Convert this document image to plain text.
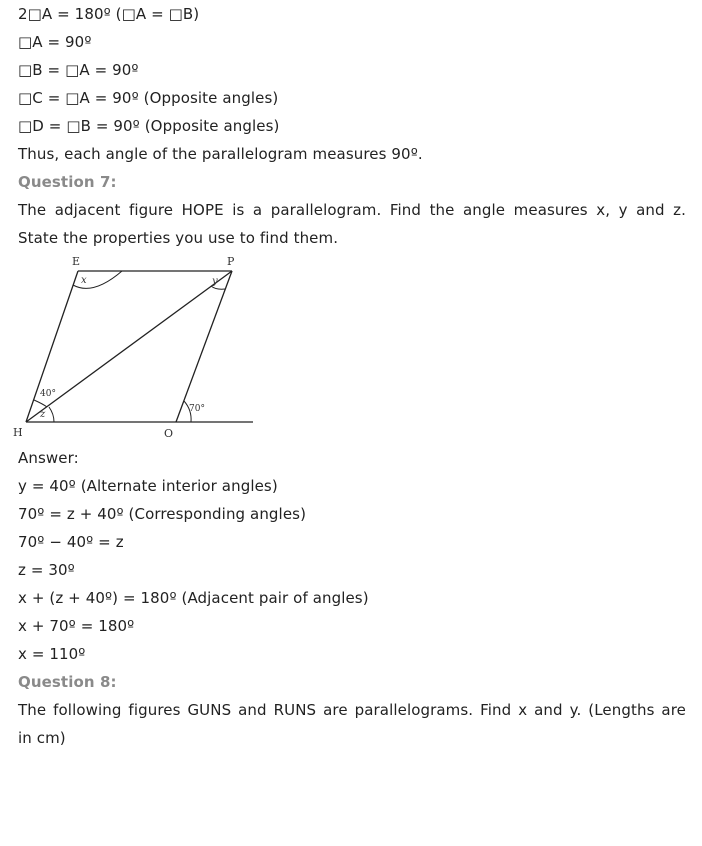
2□A = 180º (□A = □B)
□A = 90º
□B = □A = 90º
□C = □A = 90º (Opposite angles)
□D = □B = 90º (Opposite angles)
Thus, each angle of the parallelogram measures 90º.
Question 7:
The adjacent figure HOPE is a parallelogram. Find the angle measures x, y and z.
State the properties you use to find them.
E	P
H	O
x	y
z
40°
70°
Answer:
y = 40º (Alternate interior angles)
70º = z + 40º (Corresponding angles)
70º − 40º = z
z = 30º
x + (z + 40º) = 180º (Adjacent pair of angles)
x + 70º = 180º
x = 110º
Question 8:
The following figures GUNS and RUNS are parallelograms. Find x and y. (Lengths are
in cm)
